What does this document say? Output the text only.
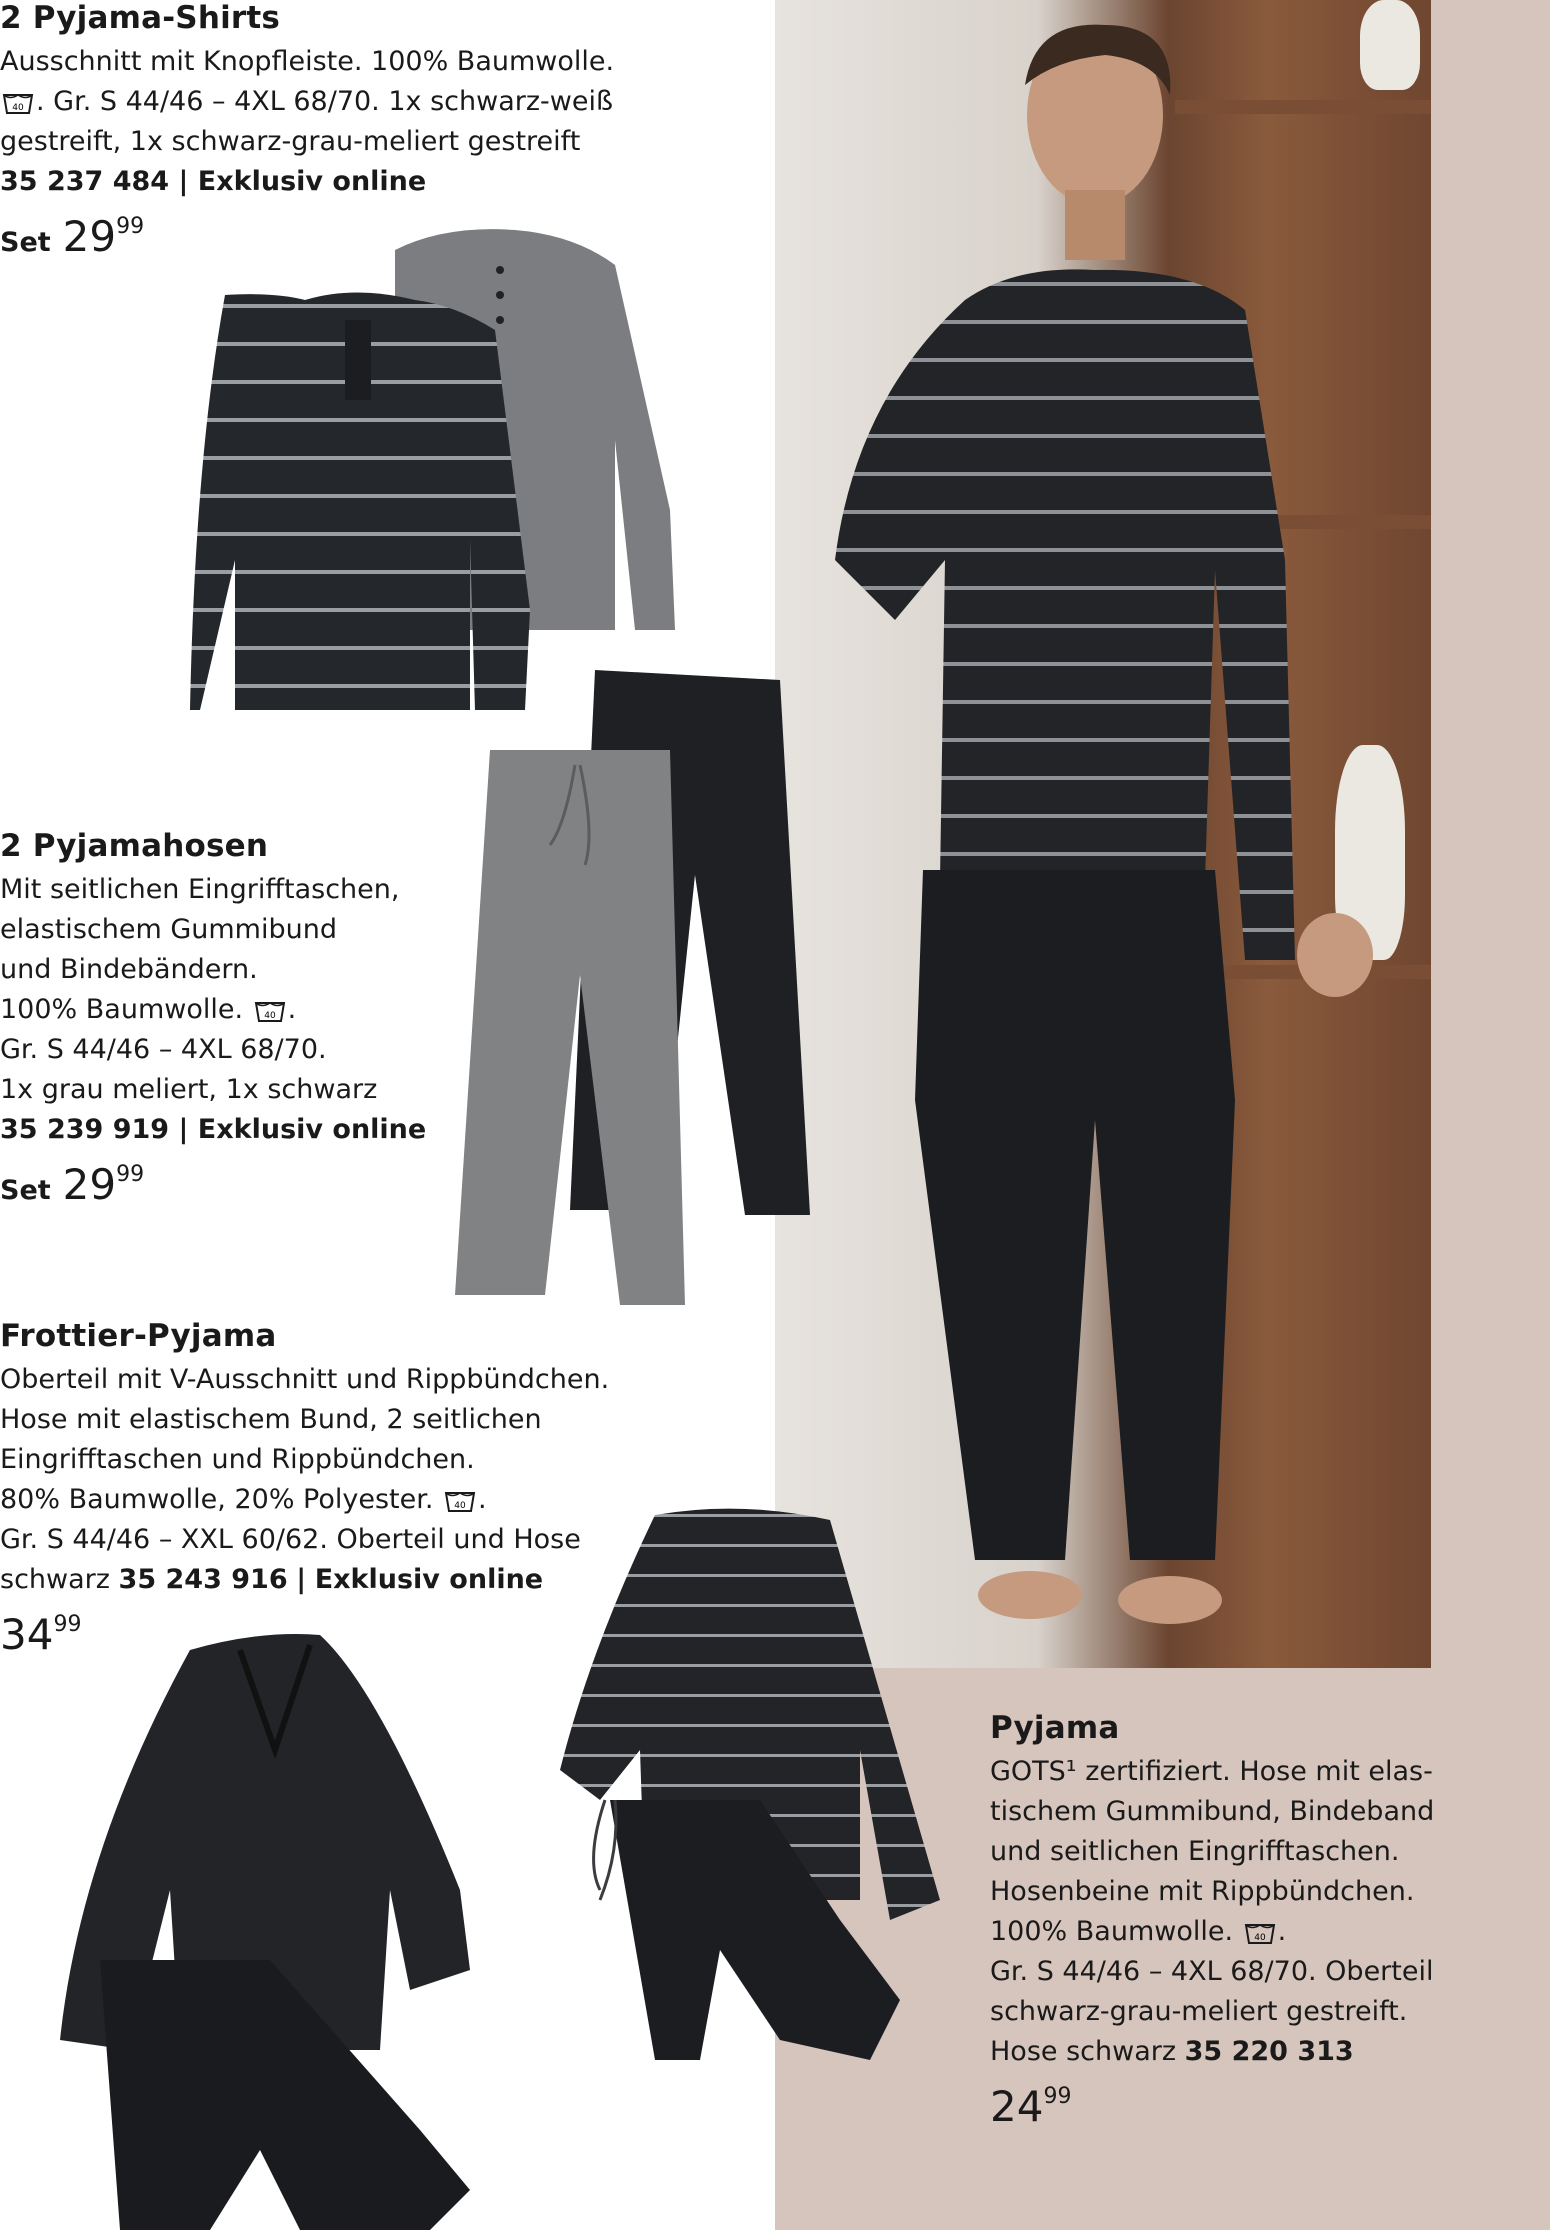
2 Pyjama-Shirts
Ausschnitt mit Knopfleiste. 100% Baumwolle.
40 . Gr. S 44/46 – 4XL 68/70. 1x schwarz-weiß
gestreift, 1x schwarz-grau-meliert gestreift
35 237 484 | Exklusiv online
Set 2999
2 Pyjamahosen
Mit seitlichen Eingrifftaschen,
elastischem Gummibund
und Bindebändern.
100% Baumwolle. 40 .
Gr. S 44/46 – 4XL 68/70.
1x grau meliert, 1x schwarz
35 239 919 | Exklusiv online
Set 2999
Frottier-Pyjama
Oberteil mit V-Ausschnitt und Rippbündchen.
Hose mit elastischem Bund, 2 seitlichen
Eingrifftaschen und Rippbündchen.
80% Baumwolle, 20% Polyester. 40 .
Gr. S 44/46 – XXL 60/62. Oberteil und Hose
schwarz 35 243 916 | Exklusiv online
3499
Pyjama
GOTS¹ zertifiziert. Hose mit elas-
tischem Gummibund, Bindeband
und seitlichen Eingrifftaschen.
Hosenbeine mit Rippbündchen.
100% Baumwolle. 40 .
Gr. S 44/46 – 4XL 68/70. Oberteil
schwarz-grau-meliert gestreift.
Hose schwarz 35 220 313
2499
